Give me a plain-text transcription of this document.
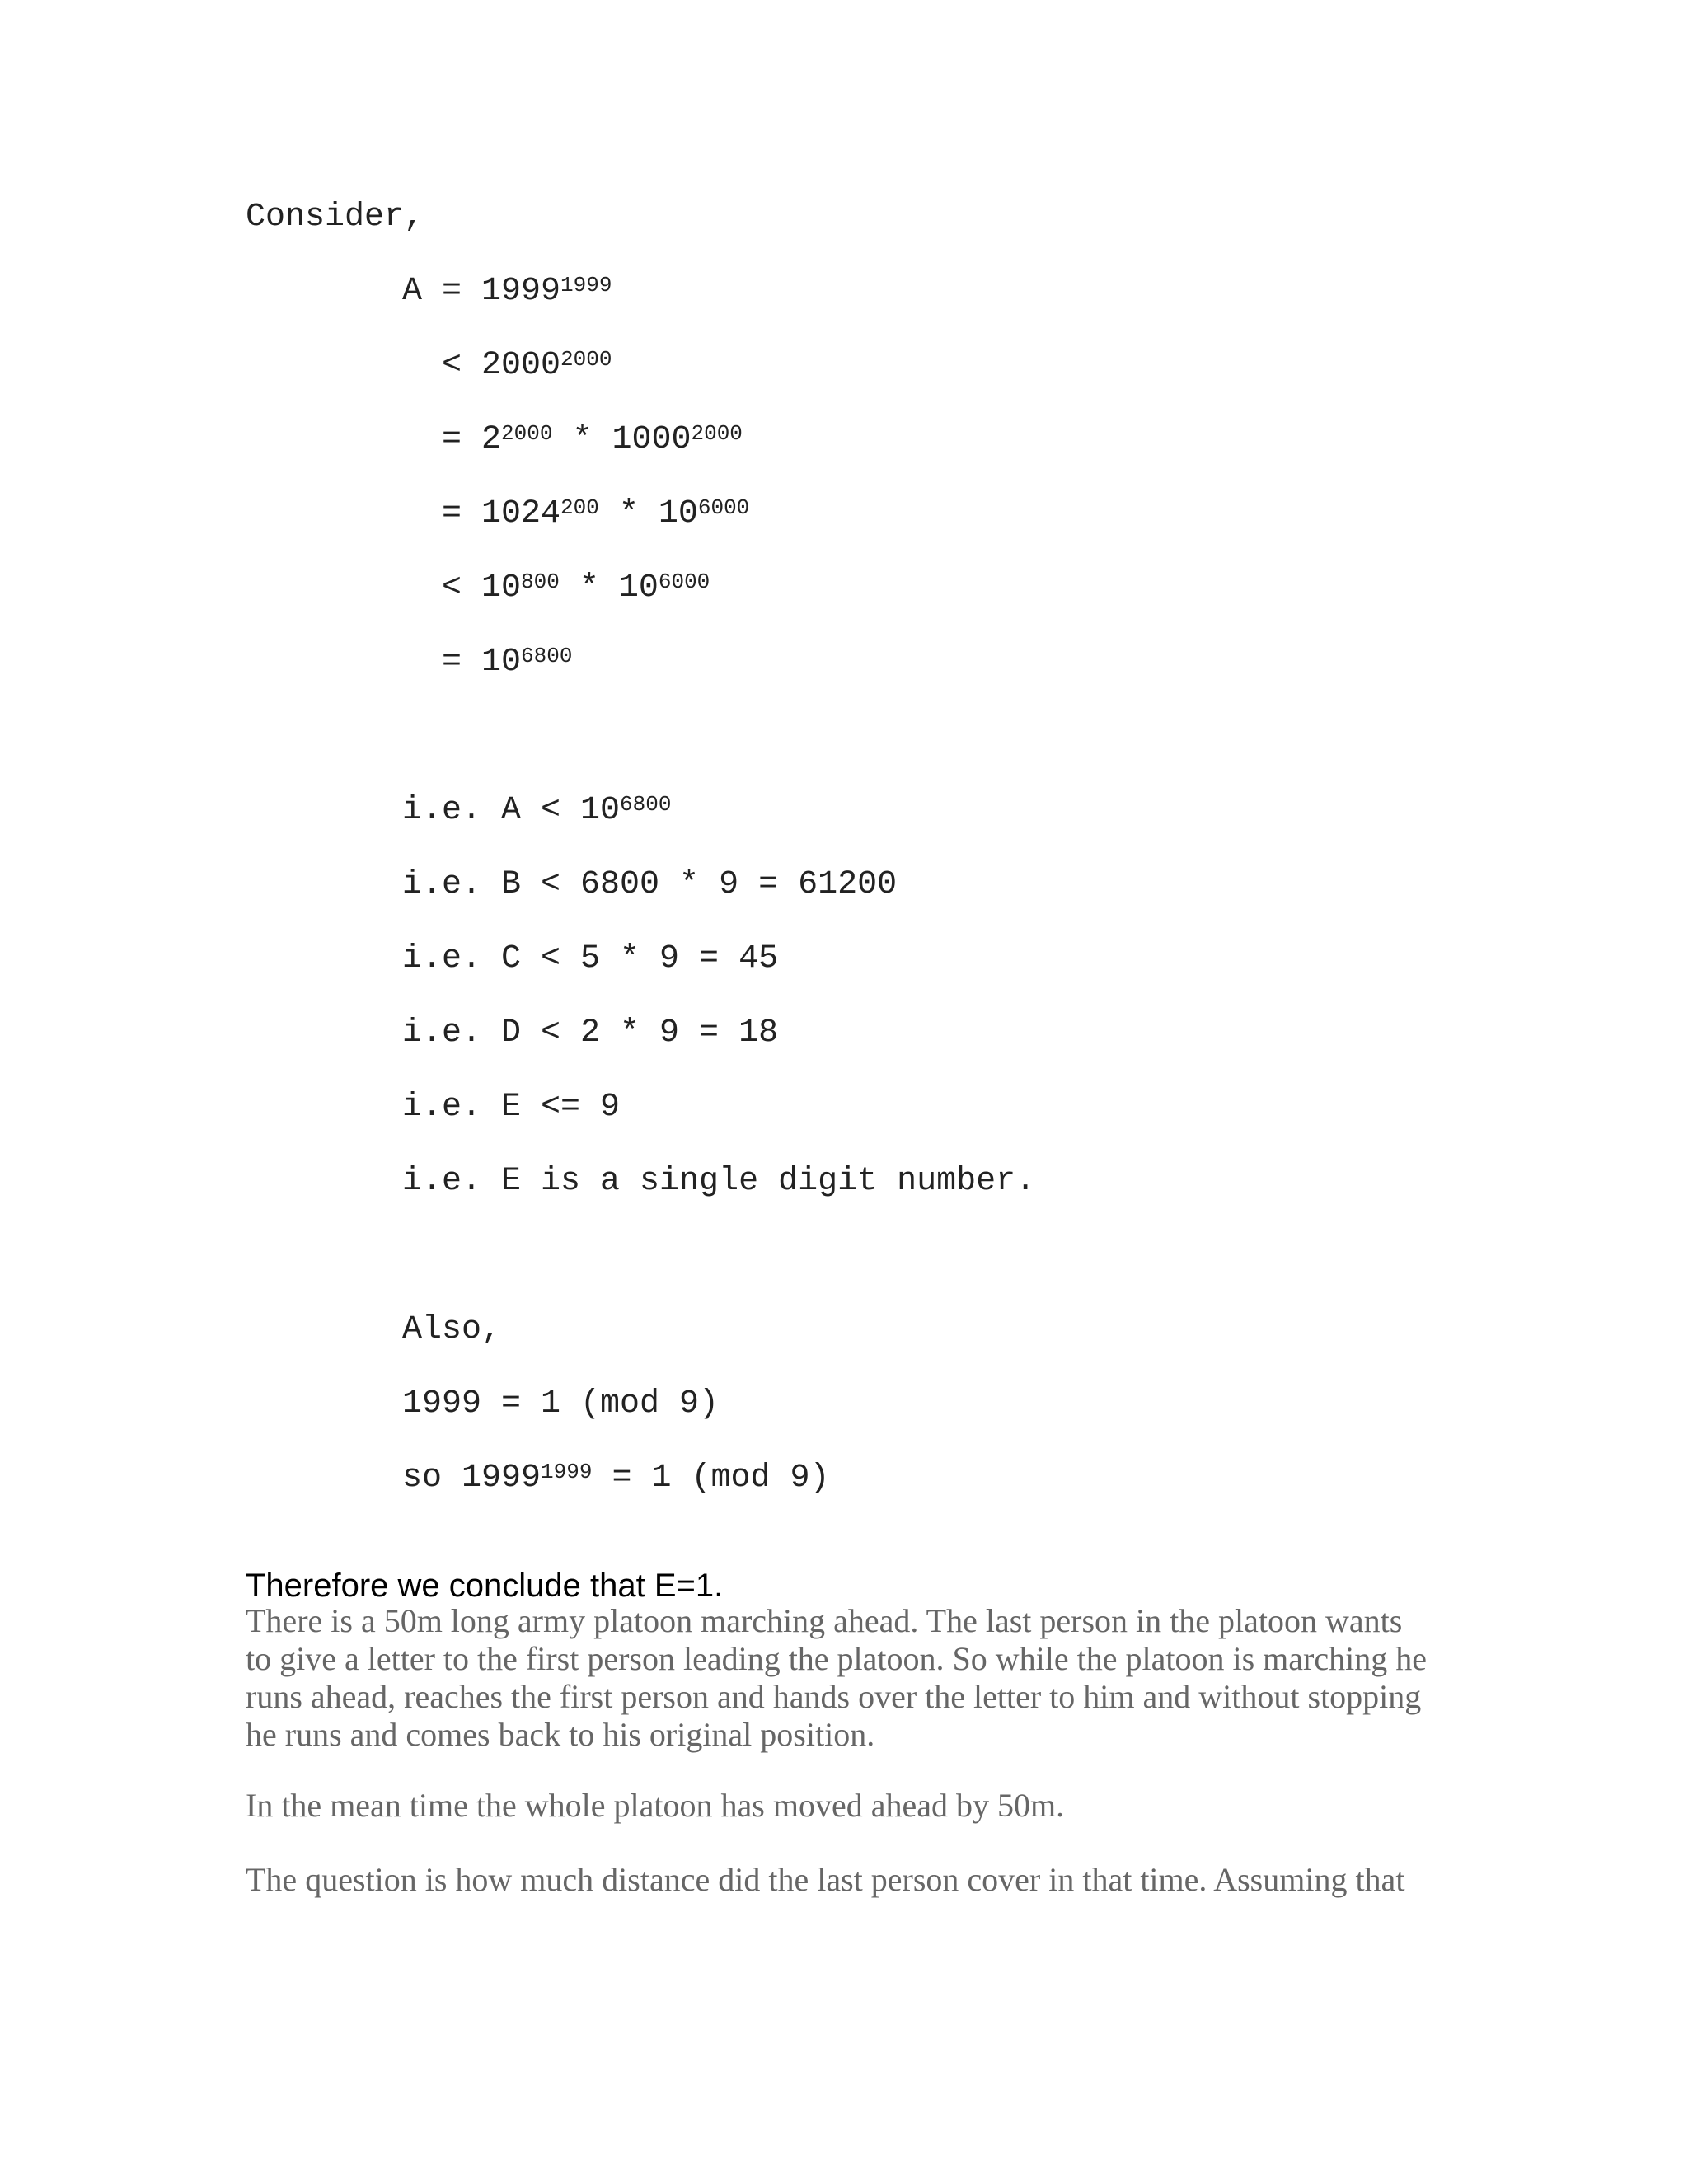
Consider,

$A = 1999^{1999}$

< $2000^{2000}$

= $2^{2000} * 1000^{2000}$

= $1024^{200} * 10^{6000}$

< $10^{800} * 10^{6000}$

= $10^{6800}$

i.e. $A < 10^{6800}$

i.e. B < 6800 * 9 = 61200

i.e. C < 5 * 9 = 45

i.e. D < 2 * 9 = 18

i.e. E <= 9

i.e. E is a single digit number.

Also,

1999 = 1 (mod 9)

so $1999^{1999} = 1$ (mod 9)

Therefore we conclude that E=1.

There is a 50m long army platoon marching ahead. The last person in the platoon wants to give a letter to the first person leading the platoon. So while the platoon is marching he runs ahead, reaches the first person and hands over the letter to him and without stopping he runs and comes back to his original position.

In the mean time the whole platoon has moved ahead by 50m.

The question is how much distance did the last person cover in that time. Assuming that
